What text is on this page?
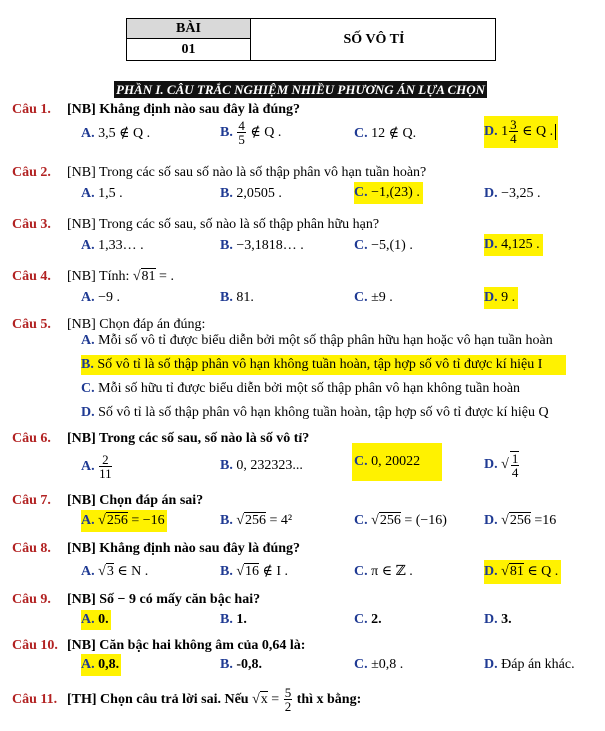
BÀI
01
SỐ VÔ TỈ
PHẦN I. CÂU TRẮC NGHIỆM NHIỀU PHƯƠNG ÁN LỰA CHỌN
Câu 1. [NB] Khẳng định nào sau đây là đúng?
A. 3,5 ∉ Q .	B. $\frac{4}{5}$ ∉ Q .	C. 12 ∉ Q.	D. $1 \frac{3}{4}$ ∈ Q .
Câu 2. [NB] Trong các số sau số nào là số thập phân vô hạn tuần hoàn?
A. 1,5 .	B. 2,0505 .	C. −1,(23) .	D. −3,25 .
Câu 3. [NB] Trong các số sau, số nào là số thập phân hữu hạn?
A. 1,33… .	B. −3,1818… .	C. −5,(1) .	D. 4,125 .
Câu 4. [NB] Tính: √81 = .
A. −9 .	B. 81.	C. ±9 .	D. 9 .
Câu 5. [NB] Chọn đáp án đúng:
A. Mỗi số vô tỉ được biểu diễn bởi một số thập phân hữu hạn hoặc vô hạn tuần hoàn
B. Số vô tỉ là số thập phân vô hạn không tuần hoàn, tập hợp số vô tỉ được kí hiệu I
C. Mỗi số hữu tỉ được biểu diễn bởi một số thập phân vô hạn không tuần hoàn
D. Số vô tỉ là số thập phân vô hạn không tuần hoàn, tập hợp số vô tỉ được kí hiệu Q
Câu 6. [NB] Trong các số sau, số nào là số vô tỉ?
A. $\frac{2}{11}$	B. 0, 232323...	C. 0, 20022	D. √ $\frac{1}{4}$
Câu 7. [NB] Chọn đáp án sai?
A. √256 = −16	B. √256 = 4²	C. √256 = (−16)	D. √256 =16
Câu 8. [NB] Khẳng định nào sau đây là đúng?
A. √3 ∈ N .	B. √16 ∉ I .	C. π ∈ ℤ .	D. √81 ∈ Q .
Câu 9. [NB] Số − 9 có mấy căn bậc hai?
A. 0.	B. 1.	C. 2.	D. 3.
Câu 10. [NB] Căn bậc hai không âm của 0,64 là:
A. 0,8.	B. -0,8.	C. ±0,8 .	D. Đáp án khác.
Câu 11. [TH] Chọn câu trả lời sai. Nếu $√x = \frac{5}{2}$ thì x bằng:
